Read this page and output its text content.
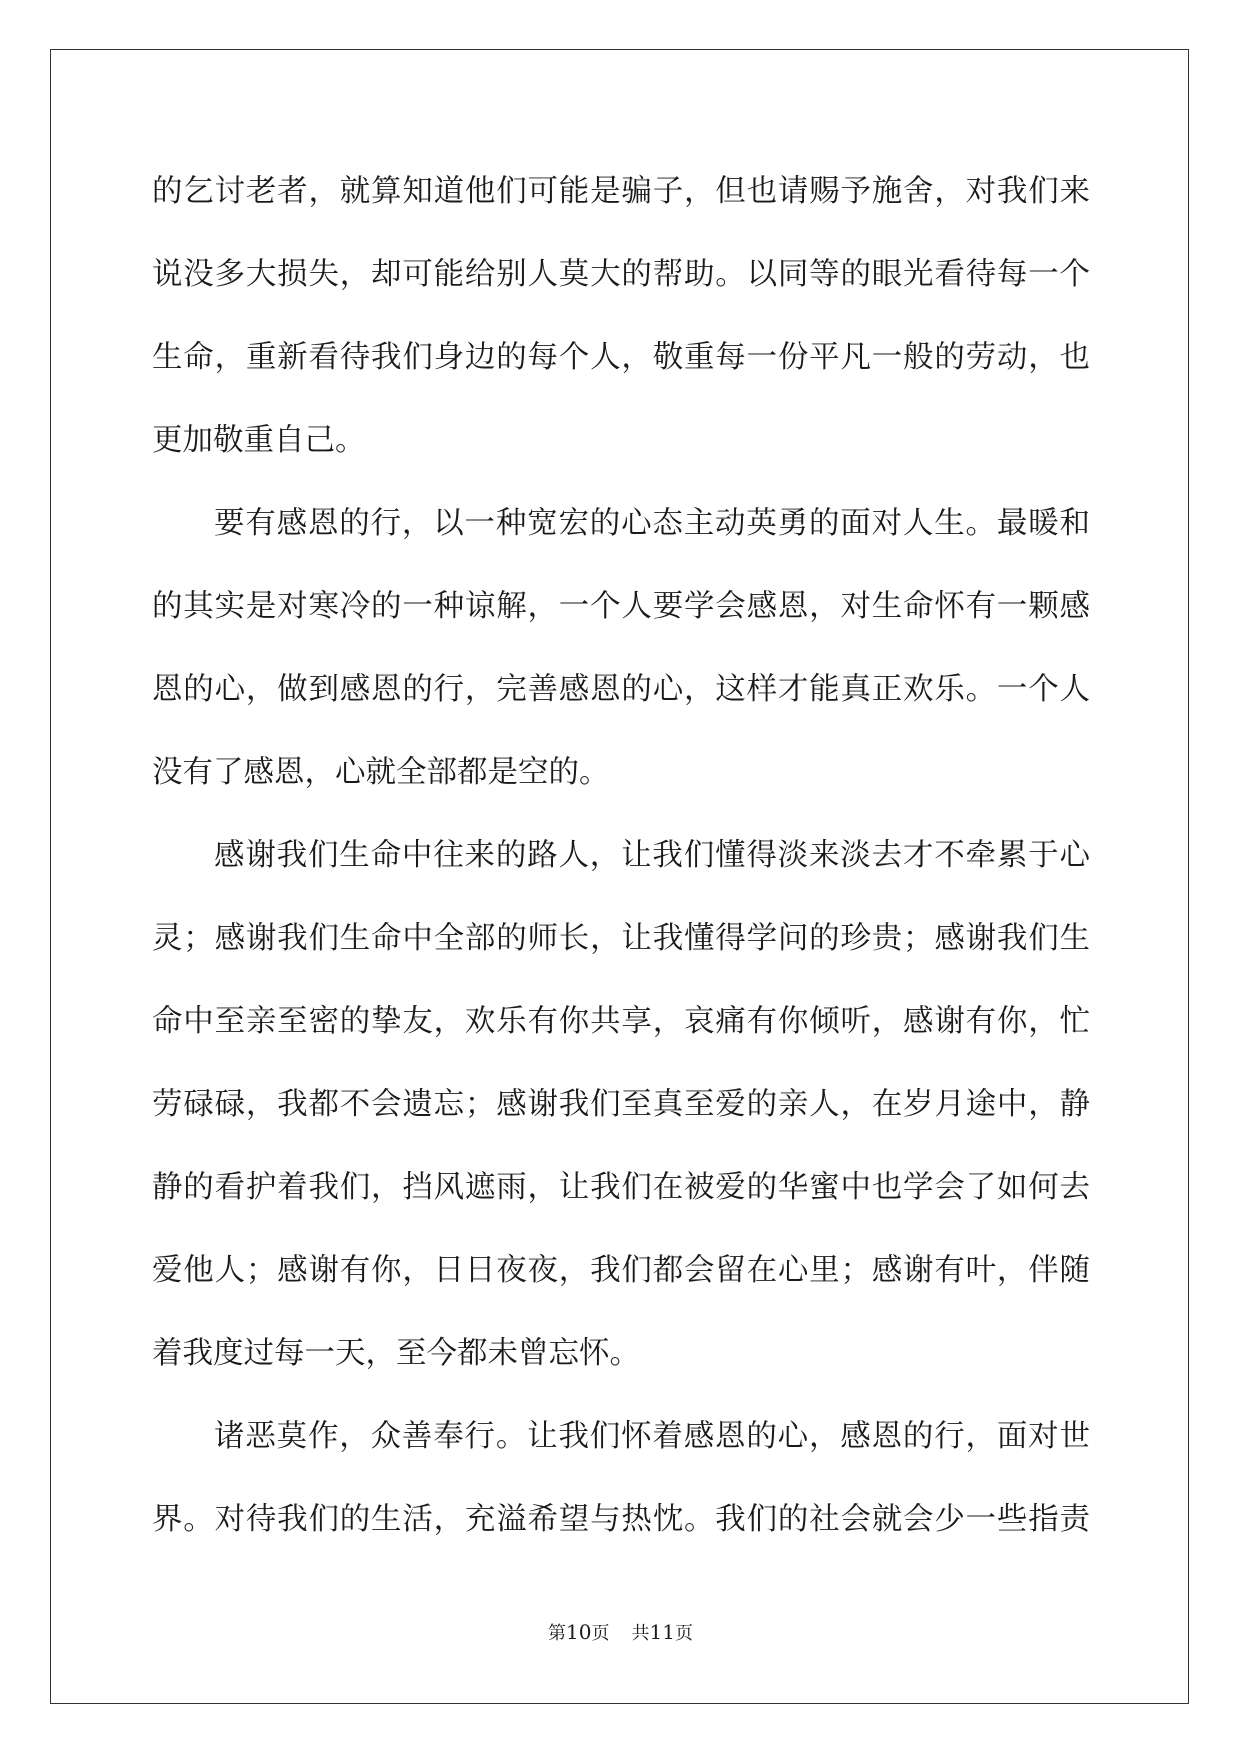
的乞讨老者，就算知道他们可能是骗子，但也请赐予施舍，对我们来
说没多大损失，却可能给别人莫大的帮助。以同等的眼光看待每一个
生命，重新看待我们身边的每个人，敬重每一份平凡一般的劳动，也
更加敬重自己。
要有感恩的行，以一种宽宏的心态主动英勇的面对人生。最暖和
的其实是对寒冷的一种谅解，一个人要学会感恩，对生命怀有一颗感
恩的心，做到感恩的行，完善感恩的心，这样才能真正欢乐。一个人
没有了感恩，心就全部都是空的。
感谢我们生命中往来的路人，让我们懂得淡来淡去才不牵累于心
灵；感谢我们生命中全部的师长，让我懂得学问的珍贵；感谢我们生
命中至亲至密的挚友，欢乐有你共享，哀痛有你倾听，感谢有你，忙
劳碌碌，我都不会遗忘；感谢我们至真至爱的亲人，在岁月途中，静
静的看护着我们，挡风遮雨，让我们在被爱的华蜜中也学会了如何去
爱他人；感谢有你，日日夜夜，我们都会留在心里；感谢有叶，伴随
着我度过每一天，至今都未曾忘怀。
诸恶莫作，众善奉行。让我们怀着感恩的心，感恩的行，面对世
界。对待我们的生活，充溢希望与热忱。我们的社会就会少一些指责
第10页 共11页
